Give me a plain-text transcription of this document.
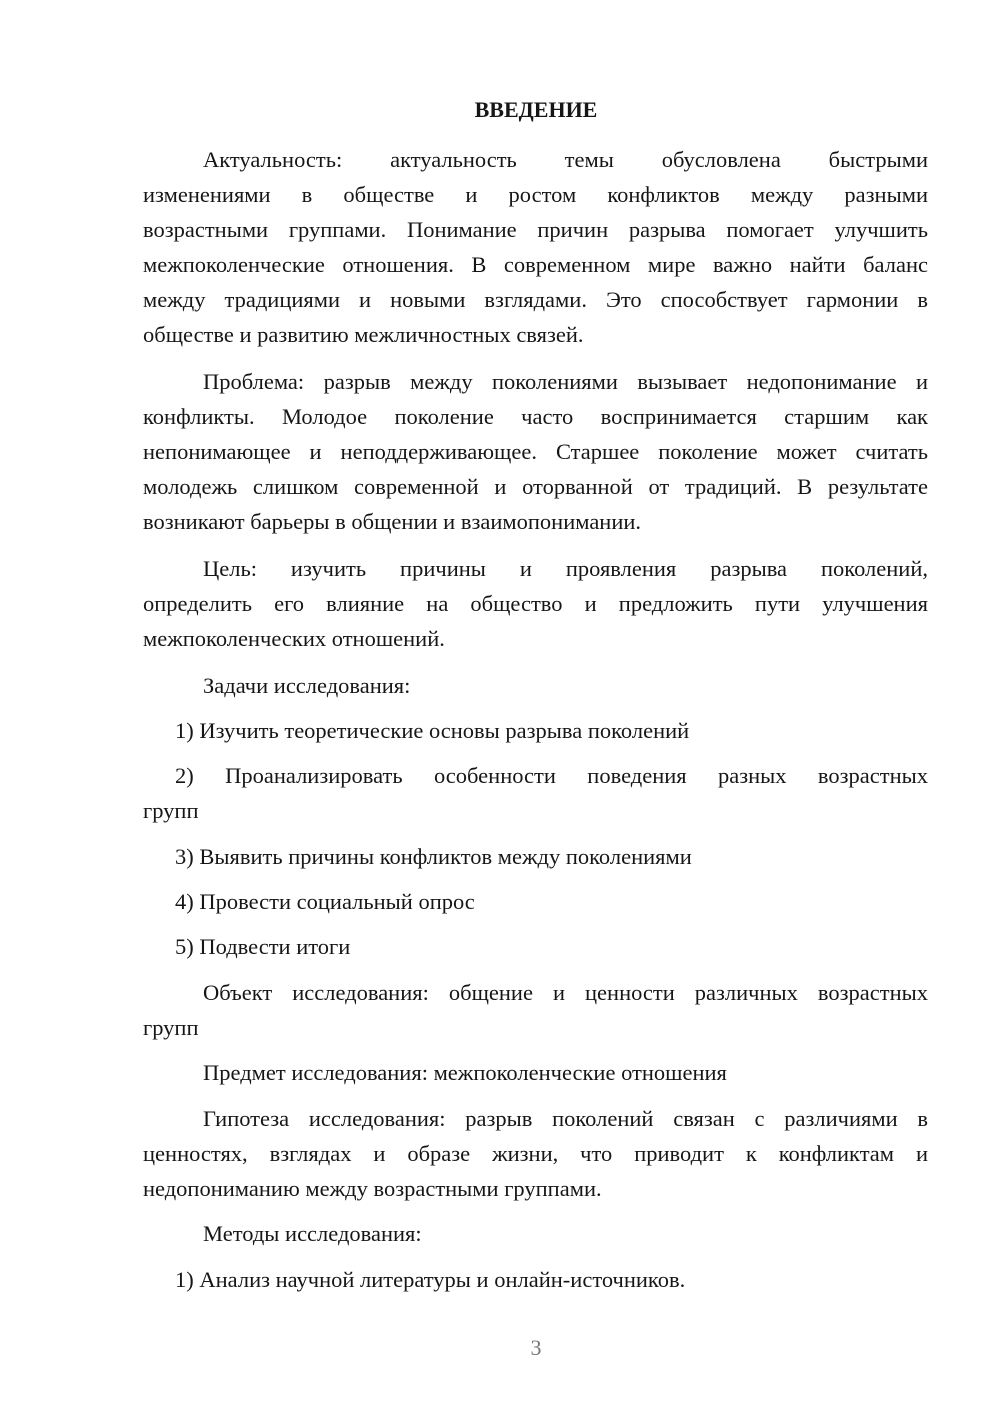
ВВЕДЕНИЕ
Актуальность: актуальность темы обусловлена быстрыми
изменениями в обществе и ростом конфликтов между разными
возрастными группами. Понимание причин разрыва помогает улучшить
межпоколенческие отношения. В современном мире важно найти баланс
между традициями и новыми взглядами. Это способствует гармонии в
обществе и развитию межличностных связей.
Проблема: разрыв между поколениями вызывает недопонимание и
конфликты. Молодое поколение часто воспринимается старшим как
непонимающее и неподдерживающее. Старшее поколение может считать
молодежь слишком современной и оторванной от традиций. В результате
возникают барьеры в общении и взаимопонимании.
Цель: изучить причины и проявления разрыва поколений,
определить его влияние на общество и предложить пути улучшения
межпоколенческих отношений.
Задачи исследования:
1) Изучить теоретические основы разрыва поколений
2) Проанализировать особенности поведения разных возрастных
групп
3) Выявить причины конфликтов между поколениями
4) Провести социальный опрос
5) Подвести итоги
Объект исследования: общение и ценности различных возрастных
групп
Предмет исследования: межпоколенческие отношения
Гипотеза исследования: разрыв поколений связан с различиями в
ценностях, взглядах и образе жизни, что приводит к конфликтам и
недопониманию между возрастными группами.
Методы исследования:
1) Анализ научной литературы и онлайн-источников.
3
